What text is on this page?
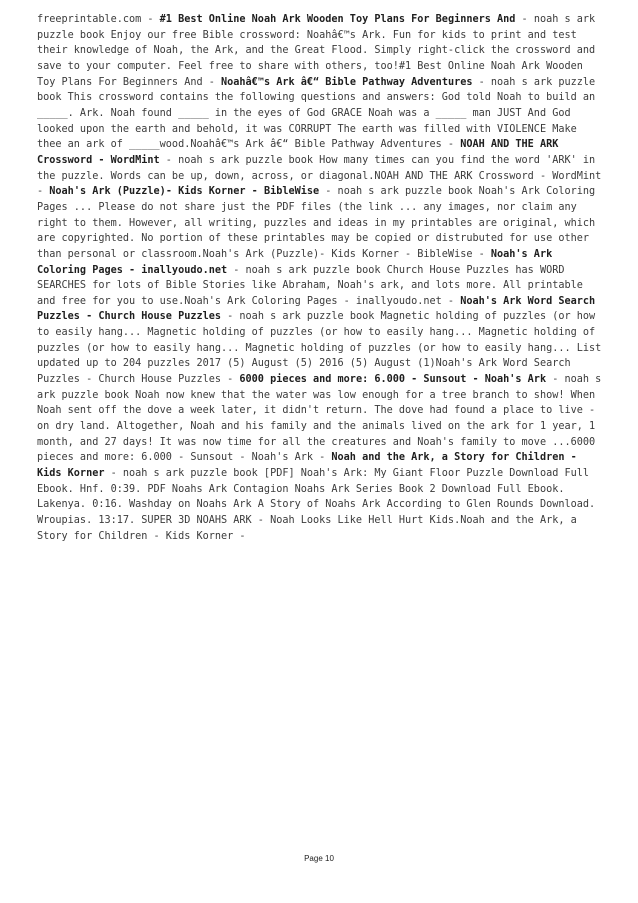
freeprintable.com - #1 Best Online Noah Ark Wooden Toy Plans For Beginners And - noah s ark puzzle book Enjoy our free Bible crossword: Noahâ€™s Ark. Fun for kids to print and test their knowledge of Noah, the Ark, and the Great Flood. Simply right-click the crossword and save to your computer. Feel free to share with others, too!#1 Best Online Noah Ark Wooden Toy Plans For Beginners And - Noahâ€™s Ark â€“ Bible Pathway Adventures - noah s ark puzzle book This crossword contains the following questions and answers: God told Noah to build an _____. Ark. Noah found _____ in the eyes of God GRACE Noah was a _____ man JUST And God looked upon the earth and behold, it was CORRUPT The earth was filled with VIOLENCE Make thee an ark of _____wood.Noahâ€™s Ark â€“ Bible Pathway Adventures - NOAH AND THE ARK Crossword - WordMint - noah s ark puzzle book How many times can you find the word 'ARK' in the puzzle. Words can be up, down, across, or diagonal.NOAH AND THE ARK Crossword - WordMint - Noah's Ark (Puzzle)- Kids Korner - BibleWise - noah s ark puzzle book Noah's Ark Coloring Pages ... Please do not share just the PDF files (the link ... any images, nor claim any right to them. However, all writing, puzzles and ideas in my printables are original, which are copyrighted. No portion of these printables may be copied or distrubuted for use other than personal or classroom.Noah's Ark (Puzzle)- Kids Korner - BibleWise - Noah's Ark Coloring Pages - inallyoudo.net - noah s ark puzzle book Church House Puzzles has WORD SEARCHES for lots of Bible Stories like Abraham, Noah's ark, and lots more. All printable and free for you to use.Noah's Ark Coloring Pages - inallyoudo.net - Noah's Ark Word Search Puzzles - Church House Puzzles - noah s ark puzzle book Magnetic holding of puzzles (or how to easily hang... Magnetic holding of puzzles (or how to easily hang... Magnetic holding of puzzles (or how to easily hang... Magnetic holding of puzzles (or how to easily hang... List updated up to 204 puzzles 2017 (5) August (5) 2016 (5) August (1)Noah's Ark Word Search Puzzles - Church House Puzzles - 6000 pieces and more: 6.000 - Sunsout - Noah's Ark - noah s ark puzzle book Noah now knew that the water was low enough for a tree branch to show! When Noah sent off the dove a week later, it didn't return. The dove had found a place to live - on dry land. Altogether, Noah and his family and the animals lived on the ark for 1 year, 1 month, and 27 days! It was now time for all the creatures and Noah's family to move ...6000 pieces and more: 6.000 - Sunsout - Noah's Ark - Noah and the Ark, a Story for Children - Kids Korner - noah s ark puzzle book [PDF] Noah's Ark: My Giant Floor Puzzle Download Full Ebook. Hnf. 0:39. PDF Noahs Ark Contagion Noahs Ark Series Book 2 Download Full Ebook. Lakenya. 0:16. Washday on Noahs Ark A Story of Noahs Ark According to Glen Rounds Download. Wroupias. 13:17. SUPER 3D NOAHS ARK - Noah Looks Like Hell Hurt Kids.Noah and the Ark, a Story for Children - Kids Korner -
Page 10
